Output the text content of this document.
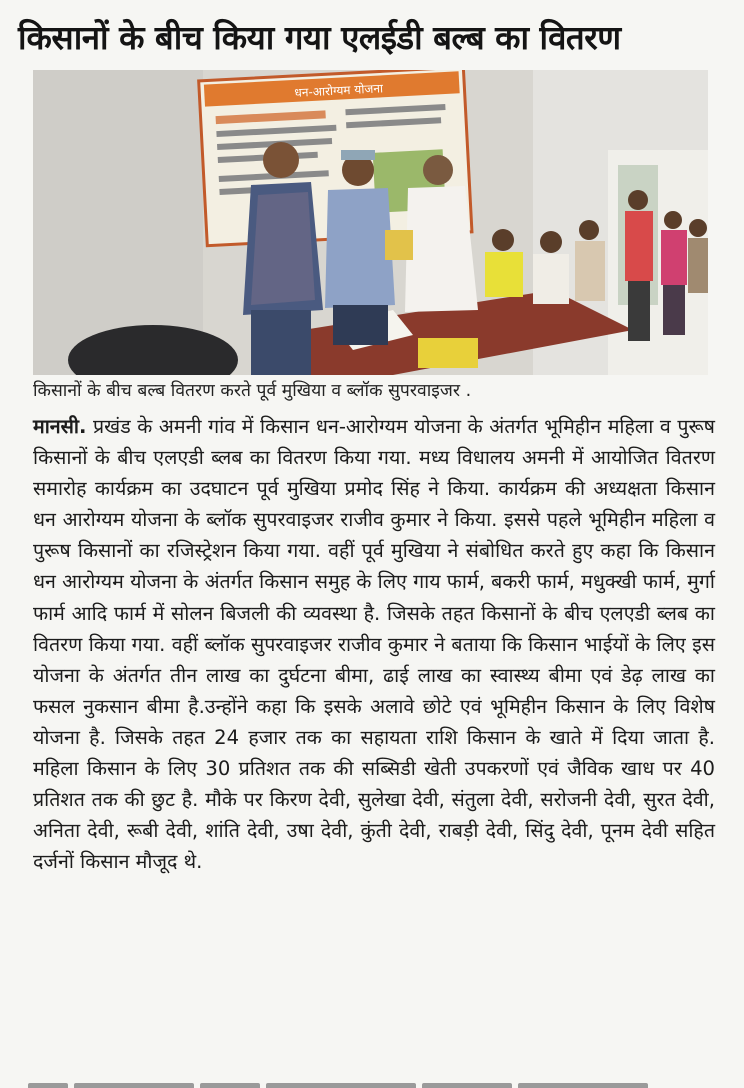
किसानों के बीच किया गया एलईडी बल्ब का वितरण
धन-आरोग्यम योजना
किसानों के बीच बल्ब वितरण करते पूर्व मुखिया व ब्लॉक सुपरवाइजर .
मानसी. प्रखंड के अमनी गांव में किसान धन-आरोग्यम योजना के अंतर्गत भूमिहीन महिला व पुरूष किसानों के बीच एलएडी ब्लब का वितरण किया गया. मध्य विधालय अमनी में आयोजित वितरण समारोह कार्यक्रम का उदघाटन पूर्व मुखिया प्रमोद सिंह ने किया. कार्यक्रम की अध्यक्षता किसान धन आरोग्यम योजना के ब्लॉक सुपरवाइजर राजीव कुमार ने किया. इससे पहले भूमिहीन महिला व पुरूष किसानों का रजिस्ट्रेशन किया गया. वहीं पूर्व मुखिया ने संबोधित करते हुए कहा कि किसान धन आरोग्यम योजना के अंतर्गत किसान समुह के लिए गाय फार्म, बकरी फार्म, मधुक्खी फार्म, मुर्गा फार्म आदि फार्म में सोलन बिजली की व्यवस्था है. जिसके तहत किसानों के बीच एलएडी ब्लब का वितरण किया गया. वहीं ब्लॉक सुपरवाइजर राजीव कुमार ने बताया कि किसान भाईयों के लिए इस योजना के अंतर्गत तीन लाख का दुर्घटना बीमा, ढाई लाख का स्वास्थ्य बीमा एवं डेढ़ लाख का फसल नुकसान बीमा है.उन्होंने कहा कि इसके अलावे छोटे एवं भूमिहीन किसान के लिए विशेष योजना है. जिसके तहत 24 हजार तक का सहायता राशि किसान के खाते में दिया जाता है. महिला किसान के लिए 30 प्रतिशत तक की सब्सिडी खेती उपकरणों एवं जैविक खाध पर 40 प्रतिशत तक की छुट है. मौके पर किरण देवी, सुलेखा देवी, संतुला देवी, सरोजनी देवी, सुरत देवी, अनिता देवी, रूबी देवी, शांति देवी, उषा देवी, कुंती देवी, राबड़ी देवी, सिंदु देवी, पूनम देवी सहित दर्जनों किसान मौजूद थे.
